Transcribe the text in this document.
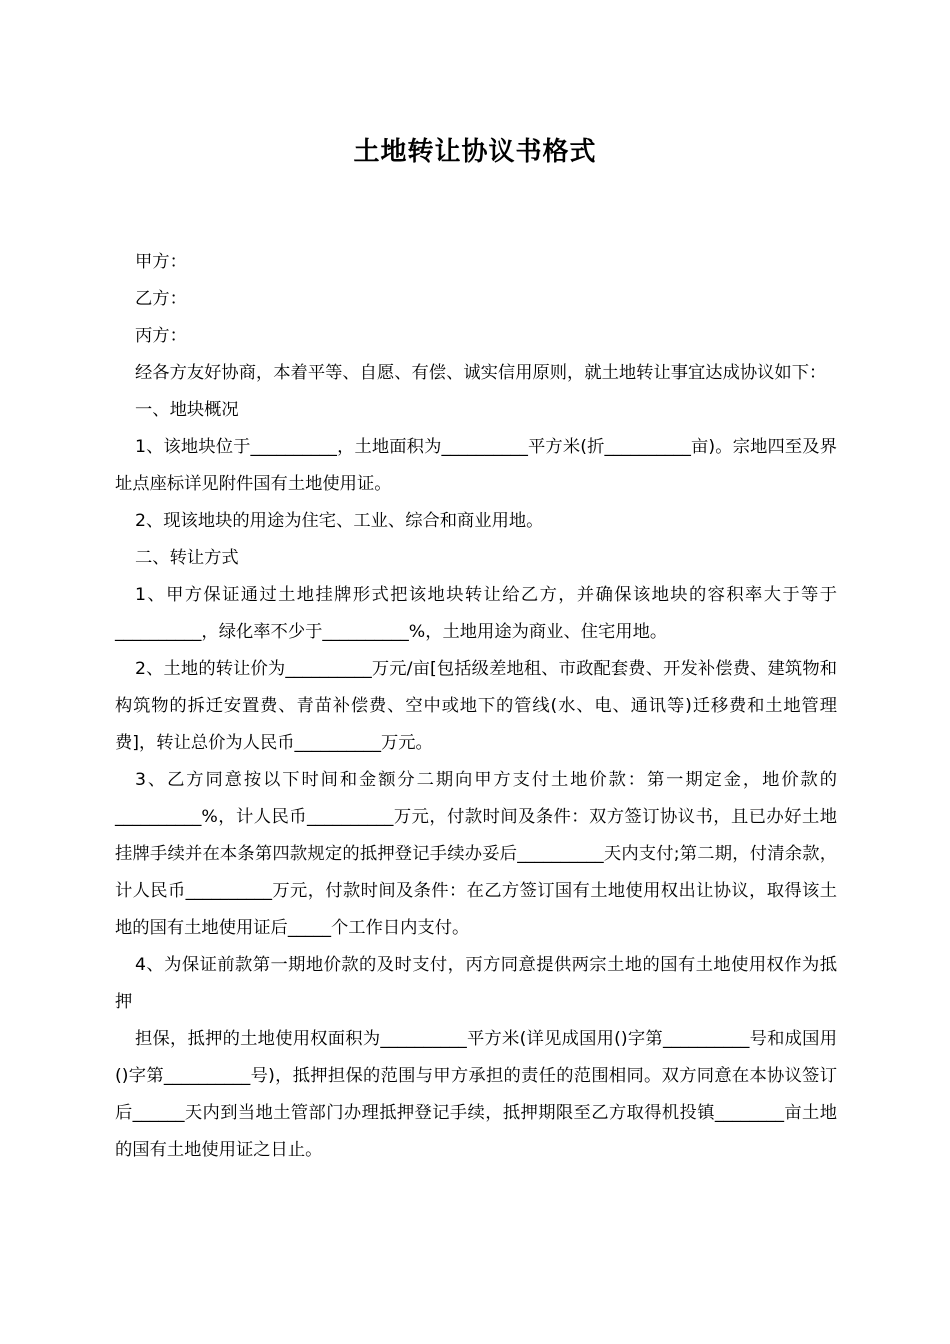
土地转让协议书格式

甲方：

乙方：

丙方：

经各方友好协商，本着平等、自愿、有偿、诚实信用原则，就土地转让事宜达成协议如下：

一、地块概况

1、该地块位于__________，土地面积为__________平方米(折__________亩)。宗地四至及界址点座标详见附件国有土地使用证。

2、现该地块的用途为住宅、工业、综合和商业用地。

二、转让方式

1、甲方保证通过土地挂牌形式把该地块转让给乙方，并确保该地块的容积率大于等于__________，绿化率不少于__________%，土地用途为商业、住宅用地。

2、土地的转让价为__________万元/亩[包括级差地租、市政配套费、开发补偿费、建筑物和构筑物的拆迁安置费、青苗补偿费、空中或地下的管线(水、电、通讯等)迁移费和土地管理费]，转让总价为人民币__________万元。

3、乙方同意按以下时间和金额分二期向甲方支付土地价款：第一期定金，地价款的__________%，计人民币__________万元，付款时间及条件：双方签订协议书，且已办好土地挂牌手续并在本条第四款规定的抵押登记手续办妥后__________天内支付;第二期，付清余款，计人民币__________万元，付款时间及条件：在乙方签订国有土地使用权出让协议，取得该土地的国有土地使用证后_____个工作日内支付。

4、为保证前款第一期地价款的及时支付，丙方同意提供两宗土地的国有土地使用权作为抵押

担保，抵押的土地使用权面积为__________平方米(详见成国用()字第__________号和成国用()字第__________号)，抵押担保的范围与甲方承担的责任的范围相同。双方同意在本协议签订后______天内到当地土管部门办理抵押登记手续，抵押期限至乙方取得机投镇________亩土地的国有土地使用证之日止。
